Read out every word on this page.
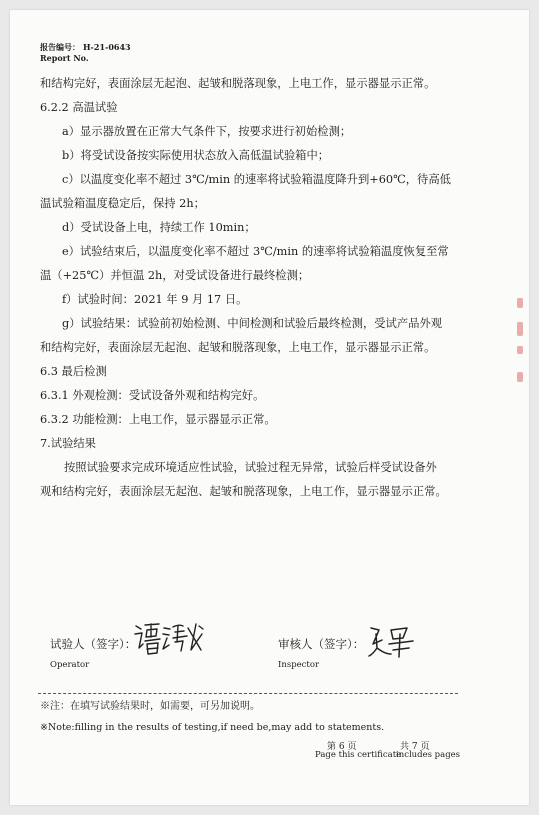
报告编号： H-21-0643
Report No.
和结构完好，表面涂层无起泡、起皱和脱落现象，上电工作，显示器显示正常。
6.2.2 高温试验
a）显示器放置在正常大气条件下，按要求进行初始检测；
b）将受试设备按实际使用状态放入高低温试验箱中；
c）以温度变化率不超过 3℃/min 的速率将试验箱温度降升到+60℃，待高低
温试验箱温度稳定后，保持 2h；
d）受试设备上电，持续工作 10min；
e）试验结束后，以温度变化率不超过 3℃/min 的速率将试验箱温度恢复至常
温（+25℃）并恒温 2h，对受试设备进行最终检测；
f）试验时间：2021 年 9 月 17 日。
g）试验结果：试验前初始检测、中间检测和试验后最终检测，受试产品外观
和结构完好，表面涂层无起泡、起皱和脱落现象，上电工作，显示器显示正常。
6.3 最后检测
6.3.1 外观检测：受试设备外观和结构完好。
6.3.2 功能检测：上电工作，显示器显示正常。
7.试验结果
按照试验要求完成环境适应性试验，试验过程无异常，试验后样受试设备外
观和结构完好，表面涂层无起泡、起皱和脱落现象，上电工作，显示器显示正常。
试验人（签字）：
Operator
审核人（签字）：
Inspector
※注：在填写试验结果时，如需要，可另加说明。
※Note:filling in the results of testing,if need be,may add to statements.
第 6 页	共 7 页
Page this certificate
includes pages
